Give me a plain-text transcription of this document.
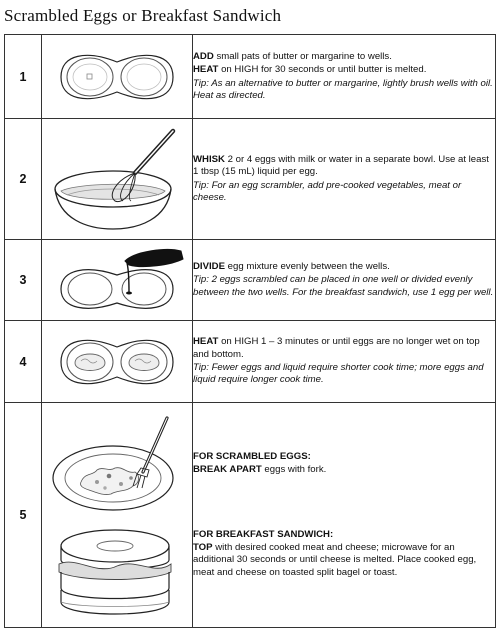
Scrambled Eggs or Breakfast Sandwich
1		ADD small pats of butter or margarine to wells.

HEAT on HIGH for 30 seconds or until butter is melted.

Tip: As an alternative to butter or margarine, lightly brush wells with oil. Heat as directed.

2		WHISK 2 or 4 eggs with milk or water in a separate bowl. Use at least 1 tbsp (15 mL) liquid per egg.

Tip: For an egg scrambler, add pre-cooked vegetables, meat or cheese.

3		DIVIDE egg mixture evenly between the wells.

Tip: 2 eggs scrambled can be placed in one well or divided evenly between the two wells. For the breakfast sandwich, use 1 egg per well.

4		HEAT on HIGH 1 – 3 minutes or until eggs are no longer wet on top and bottom.

Tip: Fewer eggs and liquid require shorter cook time; more eggs and liquid require longer cook time.

5		FOR SCRAMBLED EGGS:

BREAK APART eggs with fork.

FOR BREAKFAST SANDWICH:

TOP with desired cooked meat and cheese; microwave for an additional 30 seconds or until cheese is melted. Place cooked egg, meat and cheese on toasted split bagel or toast.
